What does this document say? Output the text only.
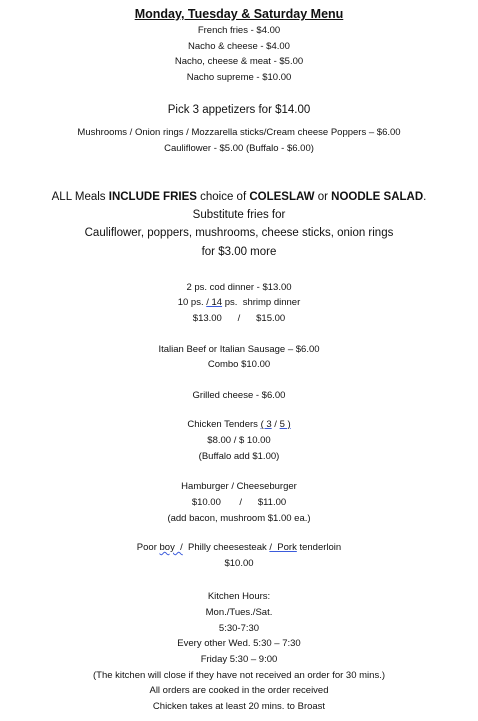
Monday, Tuesday & Saturday Menu
French fries - $4.00
Nacho & cheese - $4.00
Nacho, cheese & meat - $5.00
Nacho supreme - $10.00
Pick 3 appetizers for $14.00
Mushrooms / Onion rings / Mozzarella sticks/Cream cheese Poppers – $6.00
Cauliflower - $5.00 (Buffalo - $6.00)
ALL Meals INCLUDE FRIES choice of COLESLAW or NOODLE SALAD.
Substitute fries for
Cauliflower, poppers, mushrooms, cheese sticks, onion rings
for $3.00 more
2 ps. cod dinner - $13.00
10 ps. / 14 ps.  shrimp dinner
$13.00      /      $15.00
Italian Beef or Italian Sausage – $6.00
Combo $10.00
Grilled cheese - $6.00
Chicken Tenders ( 3 / 5 )
$8.00 / $ 10.00
(Buffalo add $1.00)
Hamburger / Cheeseburger
$10.00       /      $11.00
(add bacon, mushroom $1.00 ea.)
Poor boy  /  Philly cheesesteak /  Pork tenderloin
$10.00
Kitchen Hours:
Mon./Tues./Sat.
5:30-7:30
Every other Wed. 5:30 – 7:30
Friday 5:30 – 9:00
(The kitchen will close if they have not received an order for 30 mins.)
All orders are cooked in the order received
Chicken takes at least 20 mins. to Broast
